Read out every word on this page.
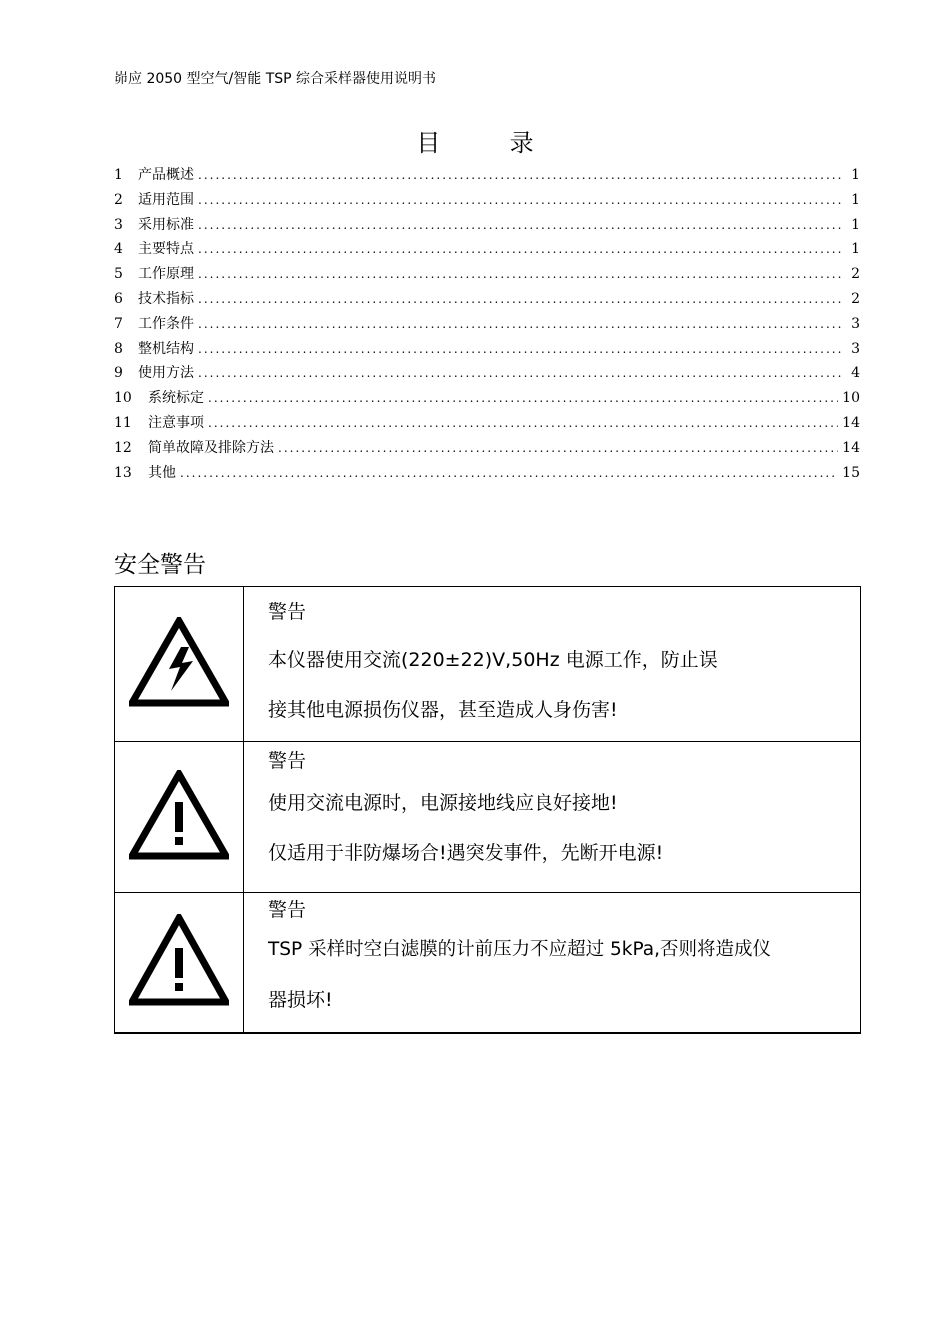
峁应 2050 型空气/智能 TSP 综合采样器使用说明书
目	录
1	产品概述 .....	1
2	适用范围 .....	1
3	采用标准 .....	1
4	主要特点 .....	1
5	工作原理 .....	2
6	技术指标 .....	2
7	工作条件 .....	3
8	整机结构 .....	3
9	使用方法 .....	4
10	系统标定 .....	10
11	注意事项 .....	14
12	简单故障及排除方法 .....	14
13	其他 .....	15
安全警告

警告
本仪器使用交流(220±22)V,50Hz 电源工作，防止误
接其他电源损伤仪器，甚至造成人身伤害!

警告
使用交流电源时，电源接地线应良好接地!
仅适用于非防爆场合!遇突发事件，先断开电源!

警告
TSP 采样时空白滤膜的计前压力不应超过 5kPa,否则将造成仪
器损坏!
